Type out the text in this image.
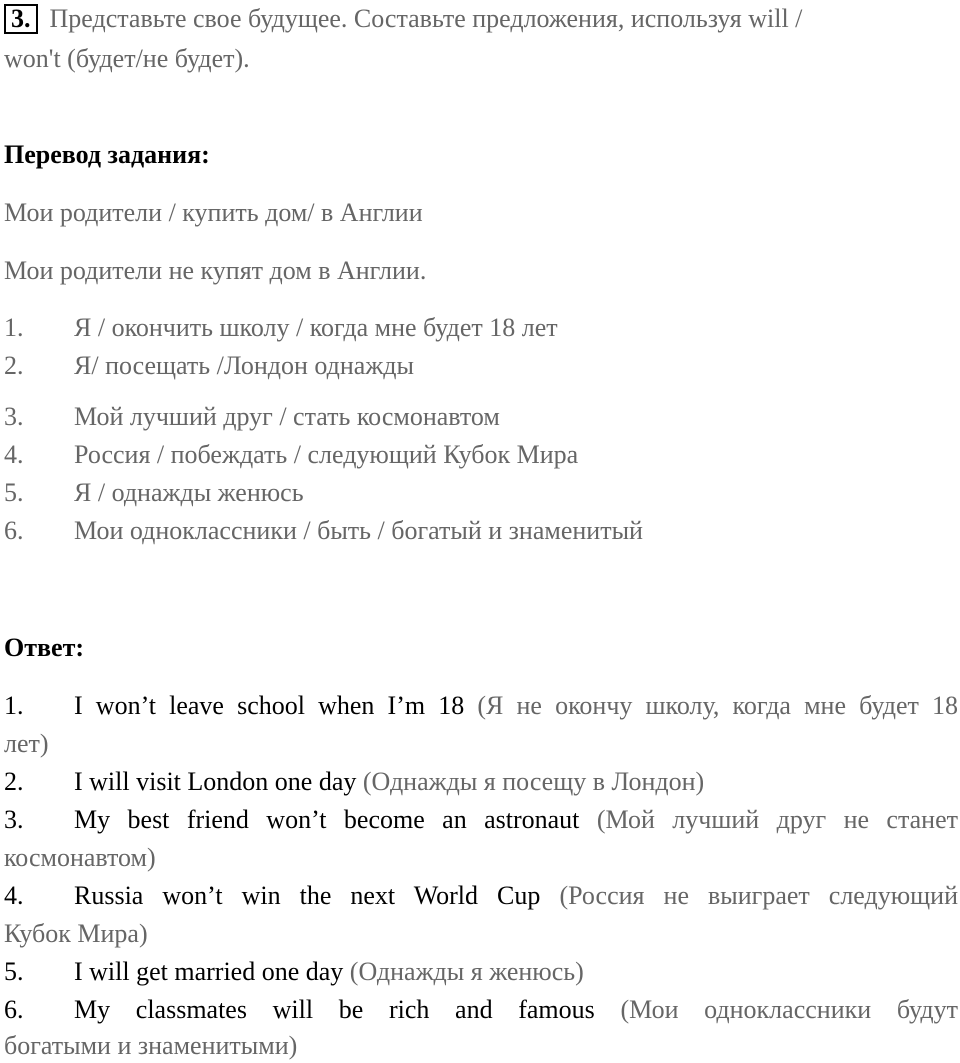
3. Представьте свое будущее. Составьте предложения, используя will /
won't (будет/не будет).
Перевод задания:
Мои родители / купить дом/ в Англии
Мои родители не купят дом в Англии.
1. Я / окончить школу / когда мне будет 18 лет
2. Я/ посещать /Лондон однажды
3. Мой лучший друг / стать космонавтом
4. Россия / побеждать / следующий Кубок Мира
5. Я / однажды женюсь
6. Мои одноклассники / быть / богатый и знаменитый
Ответ:
1. I won’t leave school when I’m 18 (Я не окончу школу, когда мне будет 18
лет)
2. I will visit London one day (Однажды я посещу в Лондон)
3. My best friend won’t become an astronaut (Мой лучший друг не станет
космонавтом)
4. Russia won’t win the next World Cup (Россия не выиграет следующий
Кубок Мира)
5. I will get married one day (Однажды я женюсь)
6. My classmates will be rich and famous (Мои одноклассники будут
богатыми и знаменитыми)
